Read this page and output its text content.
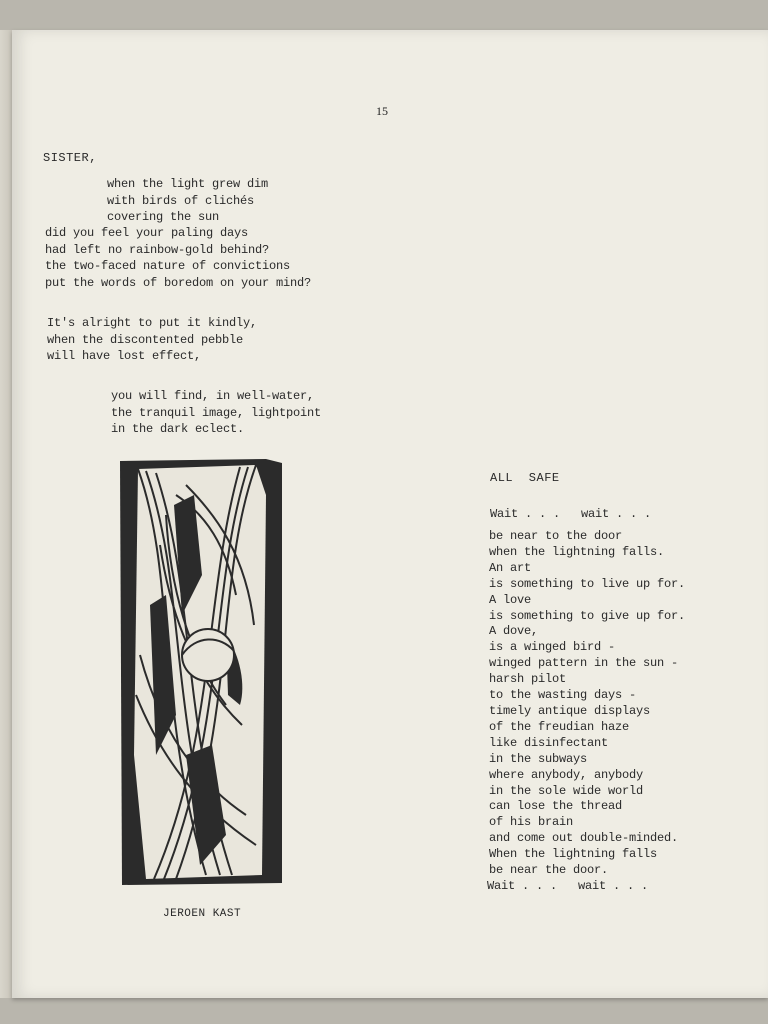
15
SISTER,
when the light grew dim
with birds of clichés
covering the sun
did you feel your paling days
had left no rainbow-gold behind?
the two-faced nature of convictions
put the words of boredom on your mind?
It's alright to put it kindly,
when the discontented pebble
will have lost effect,
you will find, in well-water,
the tranquil image, lightpoint
in the dark eclect.
JEROEN KAST
ALL SAFE
Wait . . .   wait . . .
be near to the door
when the lightning falls.
An art
is something to live up for.
A love
is something to give up for.
A dove,
is a winged bird -
winged pattern in the sun -
harsh pilot
to the wasting days -
timely antique displays
of the freudian haze
like disinfectant
in the subways
where anybody, anybody
in the sole wide world
can lose the thread
of his brain
and come out double-minded.
When the lightning falls
be near the door.
Wait . . .   wait . . .
